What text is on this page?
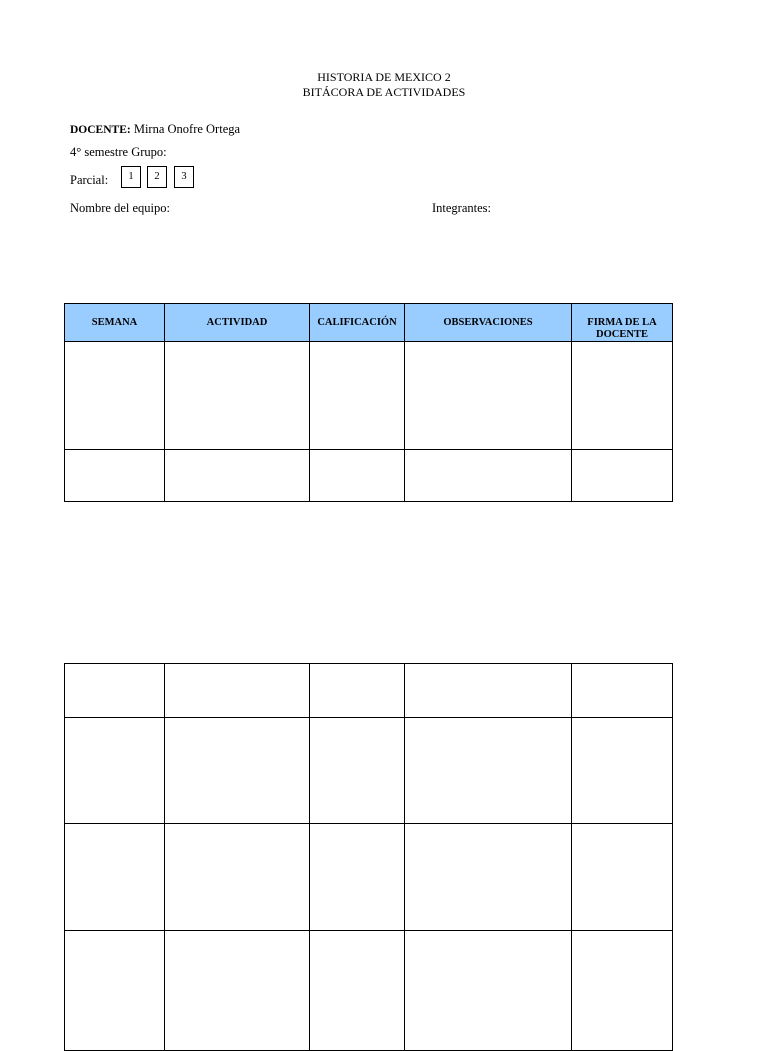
HISTORIA DE MEXICO 2
BITÁCORA DE ACTIVIDADES
DOCENTE: Mirna Onofre Ortega
4° semestre Grupo:
Parcial:	1	2	3
Nombre del equipo:	Integrantes:
SEMANA	ACTIVIDAD	CALIFICACIÓN	OBSERVACIONES	FIRMA DE LA DOCENTE
